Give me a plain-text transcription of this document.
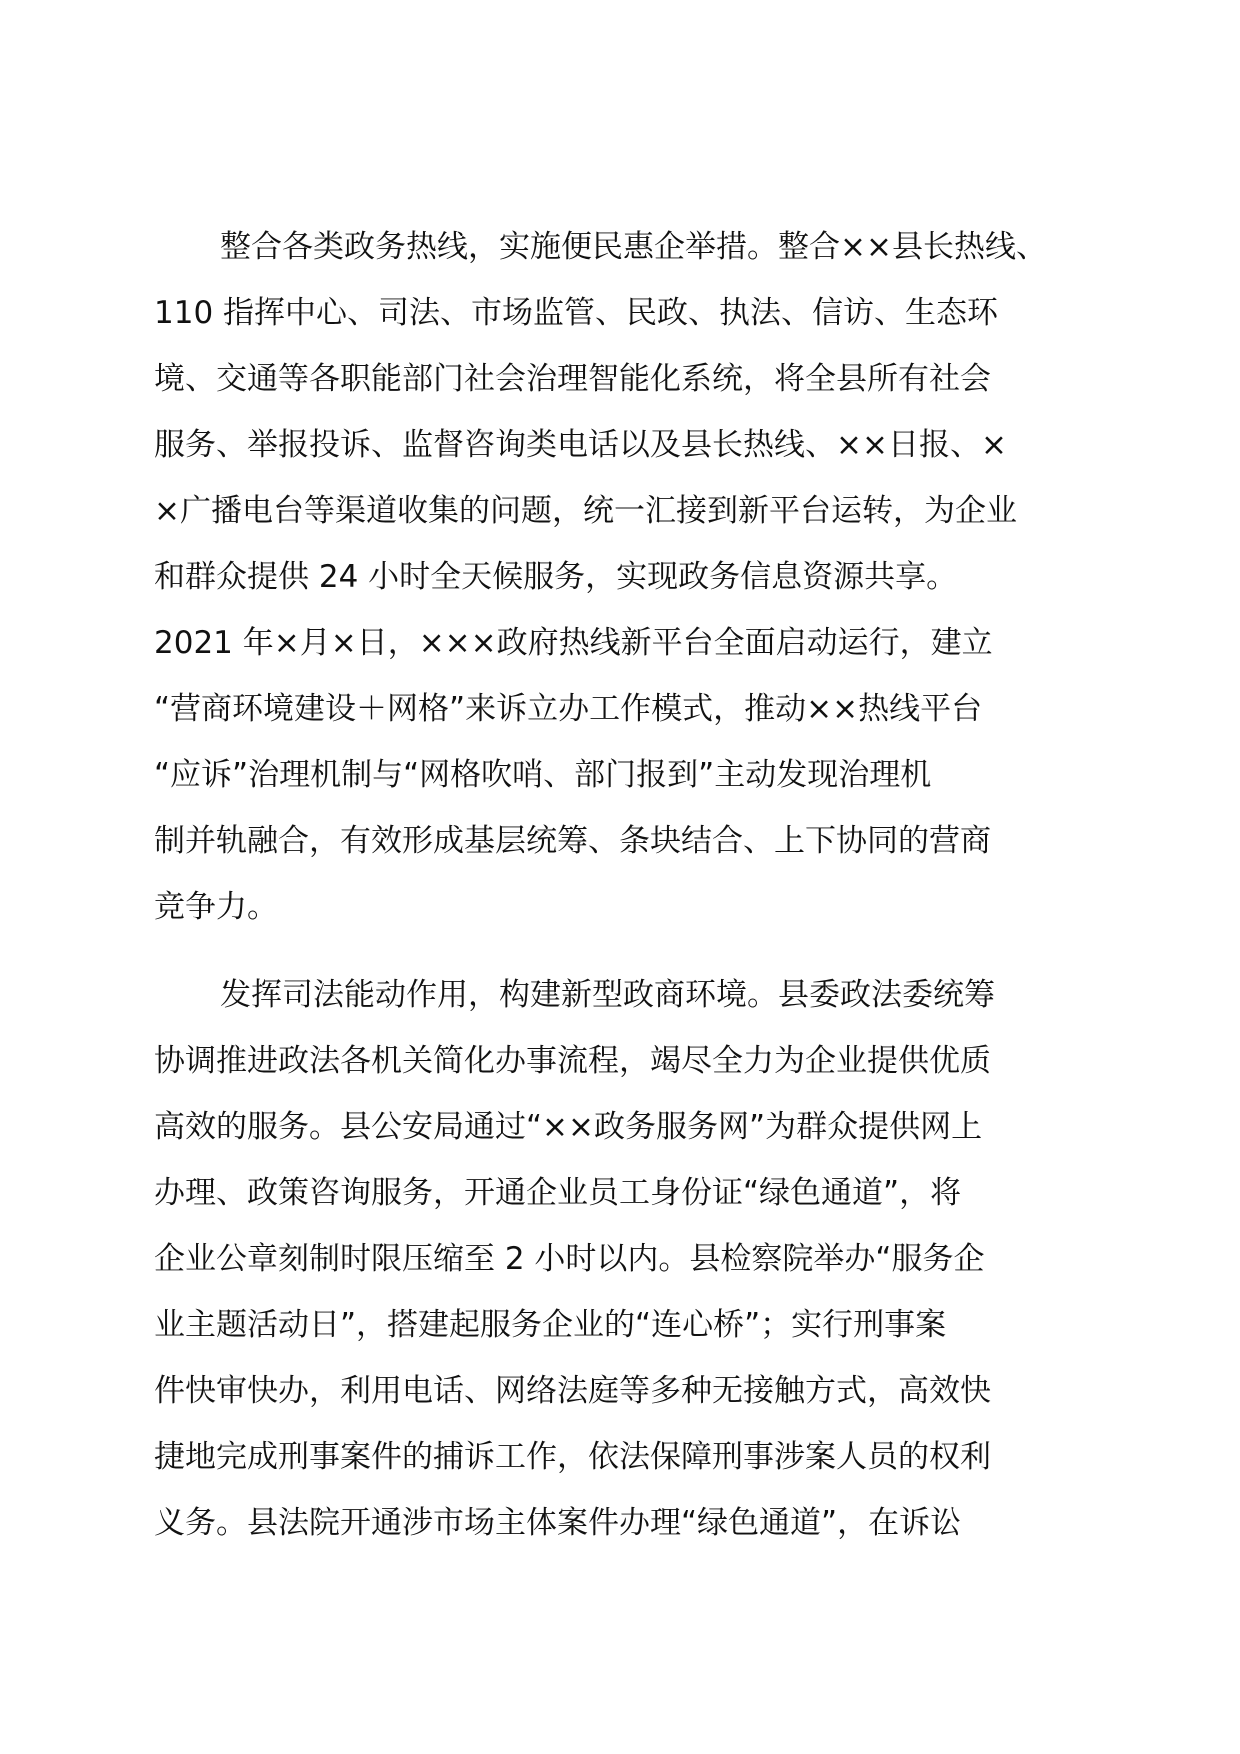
整合各类政务热线，实施便民惠企举措。整合××县长热线、
110 指挥中心、司法、市场监管、民政、执法、信访、生态环
境、交通等各职能部门社会治理智能化系统，将全县所有社会
服务、举报投诉、监督咨询类电话以及县长热线、××日报、×
×广播电台等渠道收集的问题，统一汇接到新平台运转，为企业
和群众提供 24 小时全天候服务，实现政务信息资源共享。
2021 年×月×日，×××政府热线新平台全面启动运行，建立
“营商环境建设＋网格”来诉立办工作模式，推动××热线平台
“应诉”治理机制与“网格吹哨、部门报到”主动发现治理机
制并轨融合，有效形成基层统筹、条块结合、上下协同的营商
竞争力。

发挥司法能动作用，构建新型政商环境。县委政法委统筹
协调推进政法各机关简化办事流程，竭尽全力为企业提供优质
高效的服务。县公安局通过“××政务服务网”为群众提供网上
办理、政策咨询服务，开通企业员工身份证“绿色通道”，将
企业公章刻制时限压缩至 2 小时以内。县检察院举办“服务企
业主题活动日”，搭建起服务企业的“连心桥”；实行刑事案
件快审快办，利用电话、网络法庭等多种无接触方式，高效快
捷地完成刑事案件的捕诉工作，依法保障刑事涉案人员的权利
义务。县法院开通涉市场主体案件办理“绿色通道”，在诉讼
